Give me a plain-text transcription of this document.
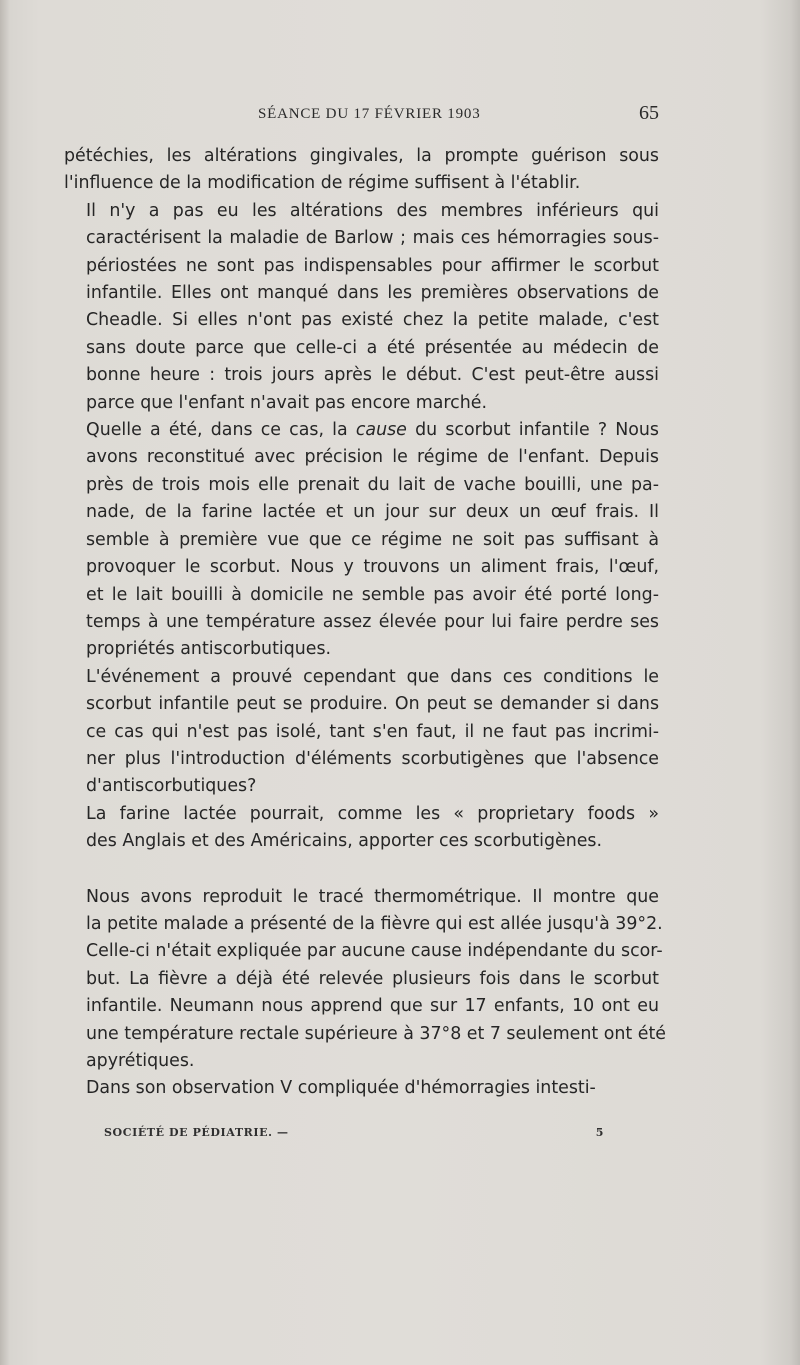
SÉANCE DU 17 FÉVRIER 1903	65

pétéchies, les altérations gingivales, la prompte guérison sous
l'influence de la modification de régime suffisent à l'établir.

Il n'y a pas eu les altérations des membres inférieurs qui
caractérisent la maladie de Barlow ; mais ces hémorragies sous-
périostées ne sont pas indispensables pour affirmer le scorbut
infantile. Elles ont manqué dans les premières observations de
Cheadle. Si elles n'ont pas existé chez la petite malade, c'est
sans doute parce que celle-ci a été présentée au médecin de
bonne heure : trois jours après le début. C'est peut-être aussi
parce que l'enfant n'avait pas encore marché.

Quelle a été, dans ce cas, la cause du scorbut infantile ? Nous
avons reconstitué avec précision le régime de l'enfant. Depuis
près de trois mois elle prenait du lait de vache bouilli, une pa-
nade, de la farine lactée et un jour sur deux un œuf frais. Il
semble à première vue que ce régime ne soit pas suffisant à
provoquer le scorbut. Nous y trouvons un aliment frais, l'œuf,
et le lait bouilli à domicile ne semble pas avoir été porté long-
temps à une température assez élevée pour lui faire perdre ses
propriétés antiscorbutiques.

L'événement a prouvé cependant que dans ces conditions le
scorbut infantile peut se produire. On peut se demander si dans
ce cas qui n'est pas isolé, tant s'en faut, il ne faut pas incrimi-
ner plus l'introduction d'éléments scorbutigènes que l'absence
d'antiscorbutiques?

La farine lactée pourrait, comme les « proprietary foods »
des Anglais et des Américains, apporter ces scorbutigènes.

Nous avons reproduit le tracé thermométrique. Il montre que
la petite malade a présenté de la fièvre qui est allée jusqu'à 39°2.
Celle-ci n'était expliquée par aucune cause indépendante du scor-
but. La fièvre a déjà été relevée plusieurs fois dans le scorbut
infantile. Neumann nous apprend que sur 17 enfants, 10 ont eu
une température rectale supérieure à 37°8 et 7 seulement ont été
apyrétiques.

Dans son observation V compliquée d'hémorragies intesti-

SOCIÉTÉ DE PÉDIATRIE. —	5
